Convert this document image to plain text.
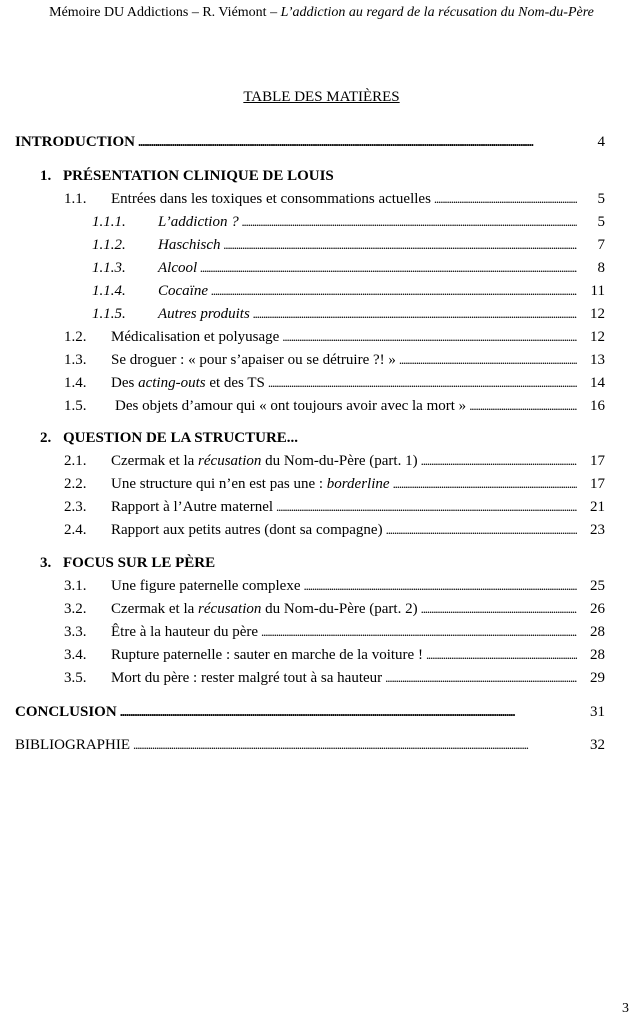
Mémoire DU Addictions – R. Viémont – L’addiction au regard de la récusation du Nom-du-Père
TABLE DES MATIÈRES
INTRODUCTION . . .	4
1. PRÉSENTATION CLINIQUE DE LOUIS
1.1.	Entrées dans les toxiques et consommations actuelles . . .	5
1.1.1.	L’addiction ? . . .	5
1.1.2.	Haschisch . . .	7
1.1.3.	Alcool . . .	8
1.1.4.	Cocaïne . . .	11
1.1.5.	Autres produits . . .	12
1.2.	Médicalisation et polyusage . . .	12
1.3.	Se droguer : « pour s’apaiser ou se détruire ?! » . . .	13
1.4.	Des acting-outs et des TS . . .	14
1.5.	Des objets d’amour qui « ont toujours avoir avec la mort » . . .	16
2. QUESTION DE LA STRUCTURE...
2.1.	Czermak et la récusation du Nom-du-Père (part. 1) . . .	17
2.2.	Une structure qui n’en est pas une : borderline . . .	17
2.3.	Rapport à l’Autre maternel . . .	21
2.4.	Rapport aux petits autres (dont sa compagne) . . .	23
3. FOCUS SUR LE PÈRE
3.1.	Une figure paternelle complexe . . .	25
3.2.	Czermak et la récusation du Nom-du-Père (part. 2) . . .	26
3.3.	Être à la hauteur du père . . .	28
3.4.	Rupture paternelle : sauter en marche de la voiture ! . . .	28
3.5.	Mort du père : rester malgré tout à sa hauteur . . .	29
CONCLUSION . . .	31
BIBLIOGRAPHIE . . .	32
3
